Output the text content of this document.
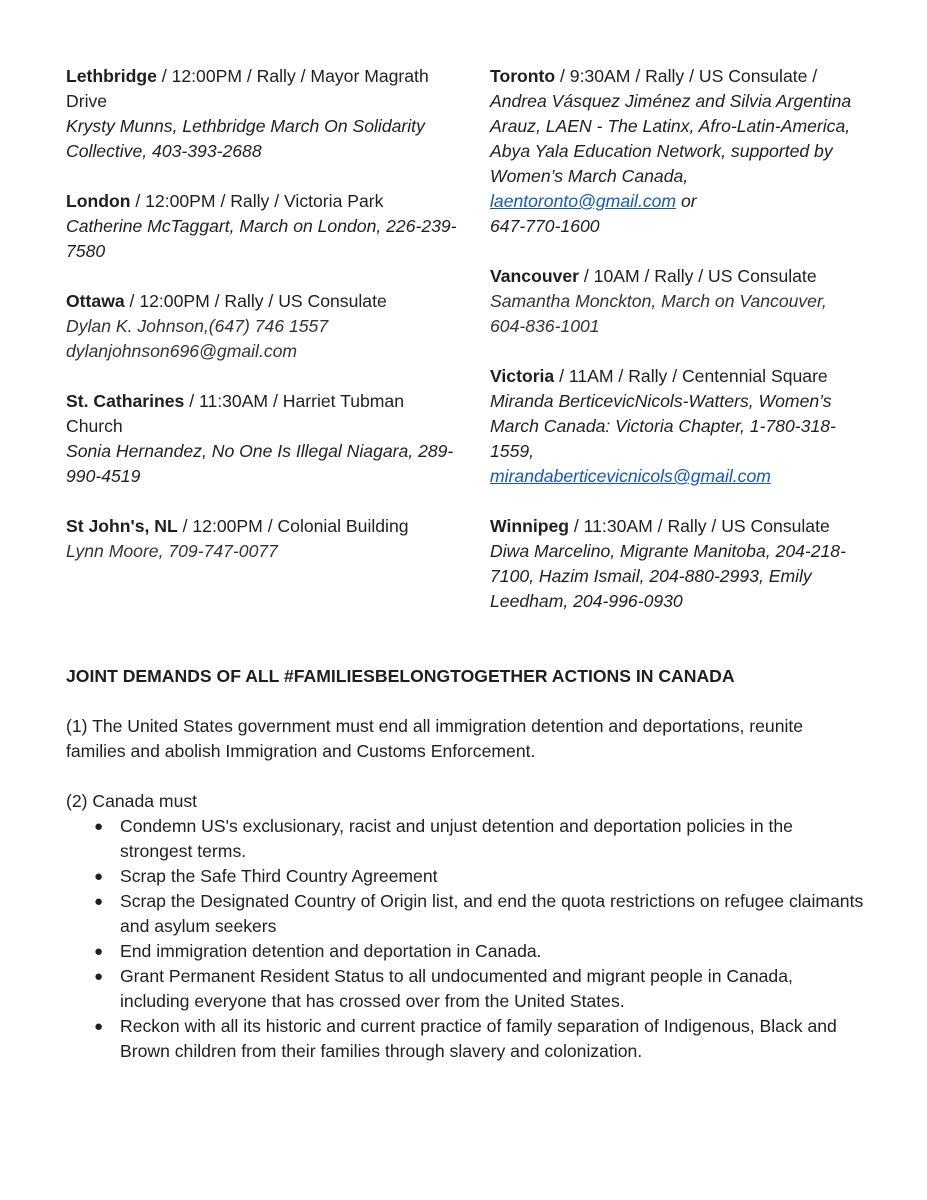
Lethbridge / 12:00PM / Rally / Mayor Magrath Drive

Krysty Munns, Lethbridge March On Solidarity Collective, 403-393-2688

London / 12:00PM / Rally / Victoria Park

Catherine McTaggart, March on London, 226-239-7580

Ottawa / 12:00PM / Rally / US Consulate

Dylan K. Johnson,(647) 746 1557

dylanjohnson696@gmail.com

St. Catharines / 11:30AM / Harriet Tubman Church

Sonia Hernandez, No One Is Illegal Niagara, 289-990-4519

St John's, NL / 12:00PM / Colonial Building

Lynn Moore, 709-747-0077

Toronto / 9:30AM / Rally / US Consulate /

Andrea Vásquez Jiménez and Silvia Argentina Arauz, LAEN - The Latinx, Afro-Latin-America, Abya Yala Education Network, supported by Women’s March Canada, laentoronto@gmail.com or

647-770-1600

Vancouver / 10AM / Rally / US Consulate

Samantha Monckton, March on Vancouver, 604-836-1001

Victoria / 11AM / Rally / Centennial Square

Miranda BerticevicNicols-Watters, Women’s March Canada: Victoria Chapter, 1-780-318-1559,

mirandaberticevicnicols@gmail.com

Winnipeg / 11:30AM / Rally / US Consulate

Diwa Marcelino, Migrante Manitoba, 204-218-7100, Hazim Ismail, 204-880-2993, Emily Leedham, 204-996-0930

JOINT DEMANDS OF ALL #FAMILIESBELONGTOGETHER ACTIONS IN CANADA

(1) The United States government must end all immigration detention and deportations, reunite families and abolish Immigration and Customs Enforcement.

(2) Canada must

● Condemn US's exclusionary, racist and unjust detention and deportation policies in the strongest terms.
● Scrap the Safe Third Country Agreement
● Scrap the Designated Country of Origin list, and end the quota restrictions on refugee claimants and asylum seekers
● End immigration detention and deportation in Canada.
● Grant Permanent Resident Status to all undocumented and migrant people in Canada, including everyone that has crossed over from the United States.
● Reckon with all its historic and current practice of family separation of Indigenous, Black and Brown children from their families through slavery and colonization.
